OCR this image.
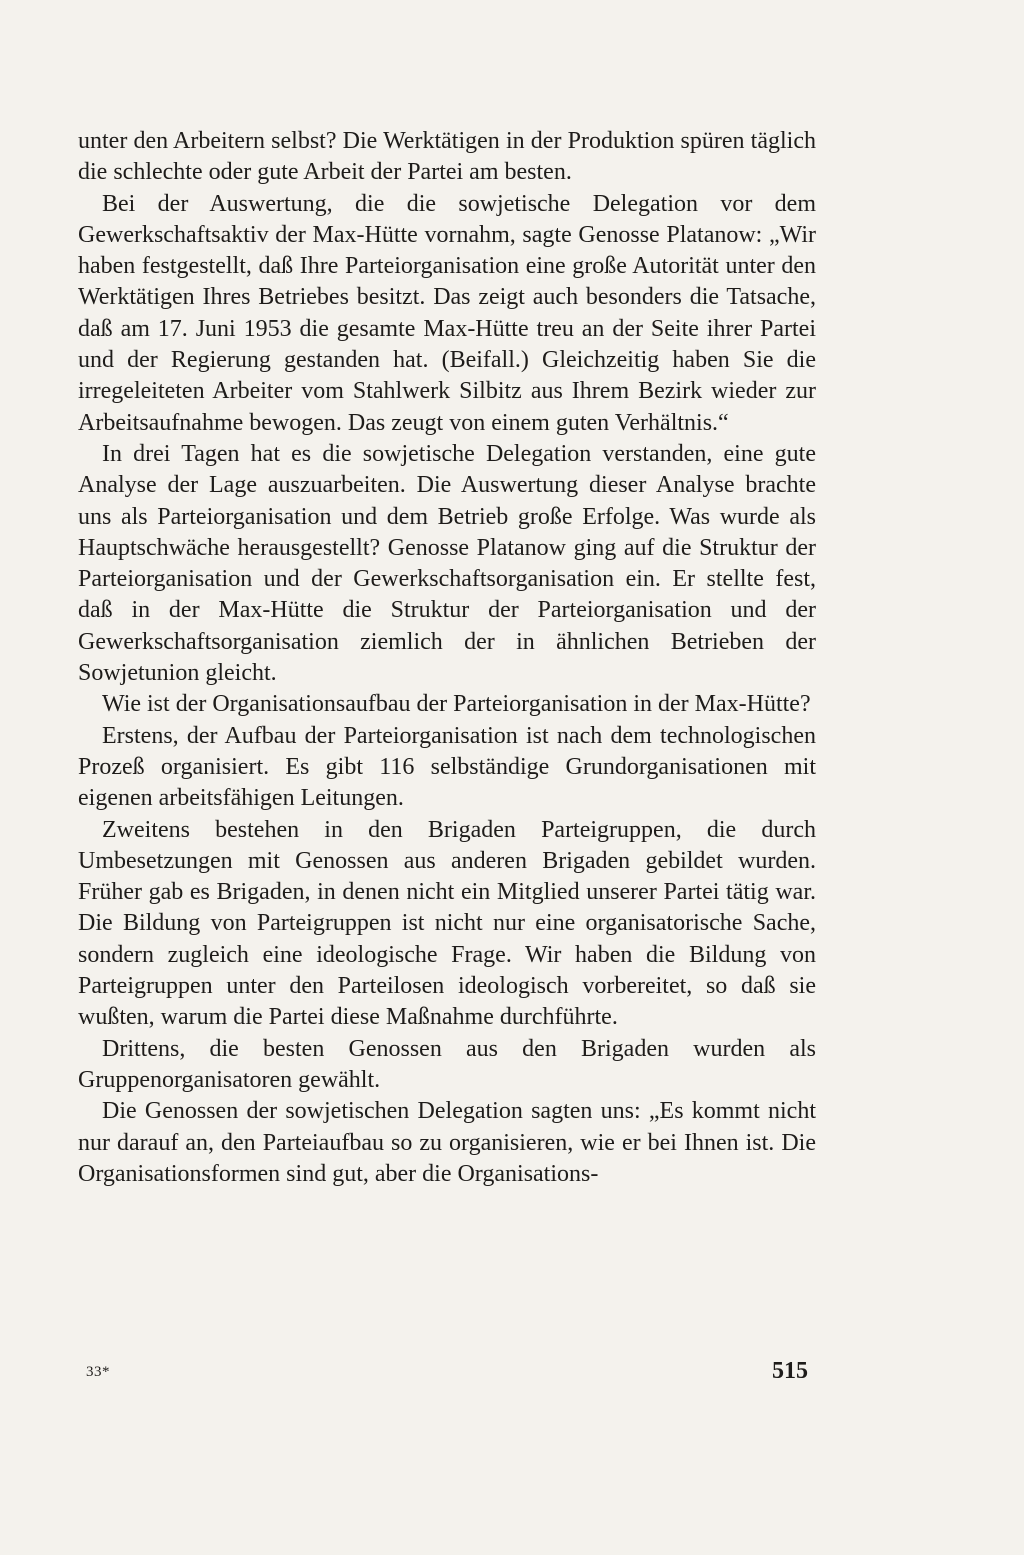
unter den Arbeitern selbst? Die Werktätigen in der Produktion spüren täglich die schlechte oder gute Arbeit der Partei am besten.

Bei der Auswertung, die die sowjetische Delegation vor dem Gewerkschaftsaktiv der Max-Hütte vornahm, sagte Genosse Platanow: „Wir haben festgestellt, daß Ihre Parteiorganisation eine große Autorität unter den Werktätigen Ihres Betriebes besitzt. Das zeigt auch besonders die Tatsache, daß am 17. Juni 1953 die gesamte Max-Hütte treu an der Seite ihrer Partei und der Regierung gestanden hat. (Beifall.) Gleichzeitig haben Sie die irregeleiteten Arbeiter vom Stahlwerk Silbitz aus Ihrem Bezirk wieder zur Arbeitsaufnahme bewogen. Das zeugt von einem guten Verhältnis.“

In drei Tagen hat es die sowjetische Delegation verstanden, eine gute Analyse der Lage auszuarbeiten. Die Auswertung dieser Analyse brachte uns als Parteiorganisation und dem Betrieb große Erfolge. Was wurde als Hauptschwäche herausgestellt? Genosse Platanow ging auf die Struktur der Parteiorganisation und der Gewerkschaftsorganisation ein. Er stellte fest, daß in der Max-Hütte die Struktur der Parteiorganisation und der Gewerkschaftsorganisation ziemlich der in ähnlichen Betrieben der Sowjetunion gleicht.

Wie ist der Organisationsaufbau der Parteiorganisation in der Max-Hütte?

Erstens, der Aufbau der Parteiorganisation ist nach dem technologischen Prozeß organisiert. Es gibt 116 selbständige Grundorganisationen mit eigenen arbeitsfähigen Leitungen.

Zweitens bestehen in den Brigaden Parteigruppen, die durch Umbesetzungen mit Genossen aus anderen Brigaden gebildet wurden. Früher gab es Brigaden, in denen nicht ein Mitglied unserer Partei tätig war. Die Bildung von Parteigruppen ist nicht nur eine organisatorische Sache, sondern zugleich eine ideologische Frage. Wir haben die Bildung von Parteigruppen unter den Parteilosen ideologisch vorbereitet, so daß sie wußten, warum die Partei diese Maßnahme durchführte.

Drittens, die besten Genossen aus den Brigaden wurden als Gruppenorganisatoren gewählt.

Die Genossen der sowjetischen Delegation sagten uns: „Es kommt nicht nur darauf an, den Parteiaufbau so zu organisieren, wie er bei Ihnen ist. Die Organisationsformen sind gut, aber die Organisations-

33*	515
